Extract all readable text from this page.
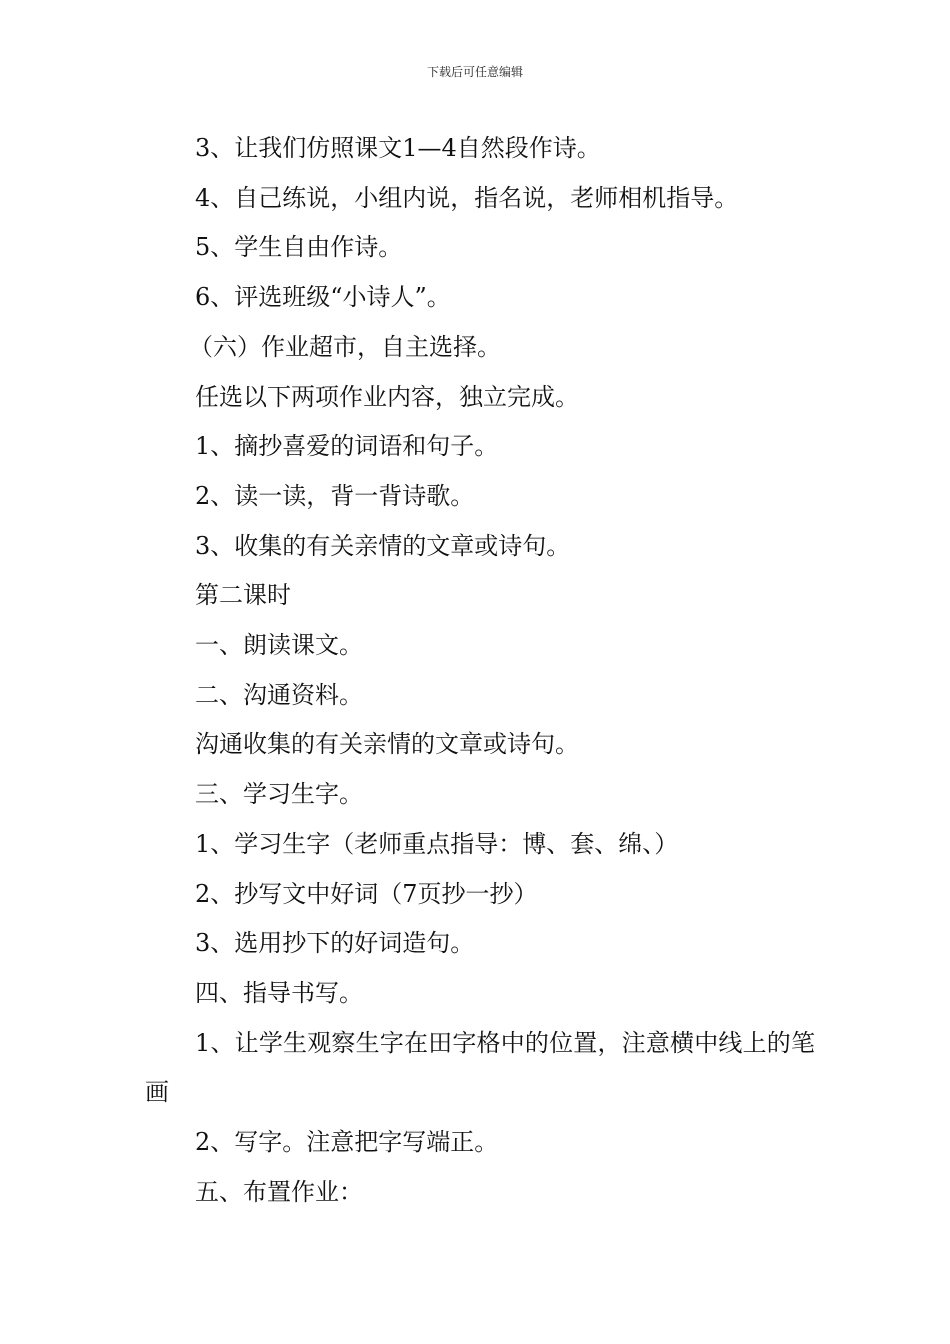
下载后可任意编辑

3、让我们仿照课文1—4自然段作诗。

4、自己练说，小组内说，指名说，老师相机指导。

5、学生自由作诗。

6、评选班级“小诗人”。

（六）作业超市，自主选择。

任选以下两项作业内容，独立完成。

1、摘抄喜爱的词语和句子。

2、读一读，背一背诗歌。

3、收集的有关亲情的文章或诗句。

第二课时

一、朗读课文。

二、沟通资料。

沟通收集的有关亲情的文章或诗句。

三、学习生字。

1、学习生字（老师重点指导：博、套、绵、）

2、抄写文中好词（7页抄一抄）

3、选用抄下的好词造句。

四、指导书写。

1、让学生观察生字在田字格中的位置，注意横中线上的笔画

2、写字。注意把字写端正。

五、布置作业：
